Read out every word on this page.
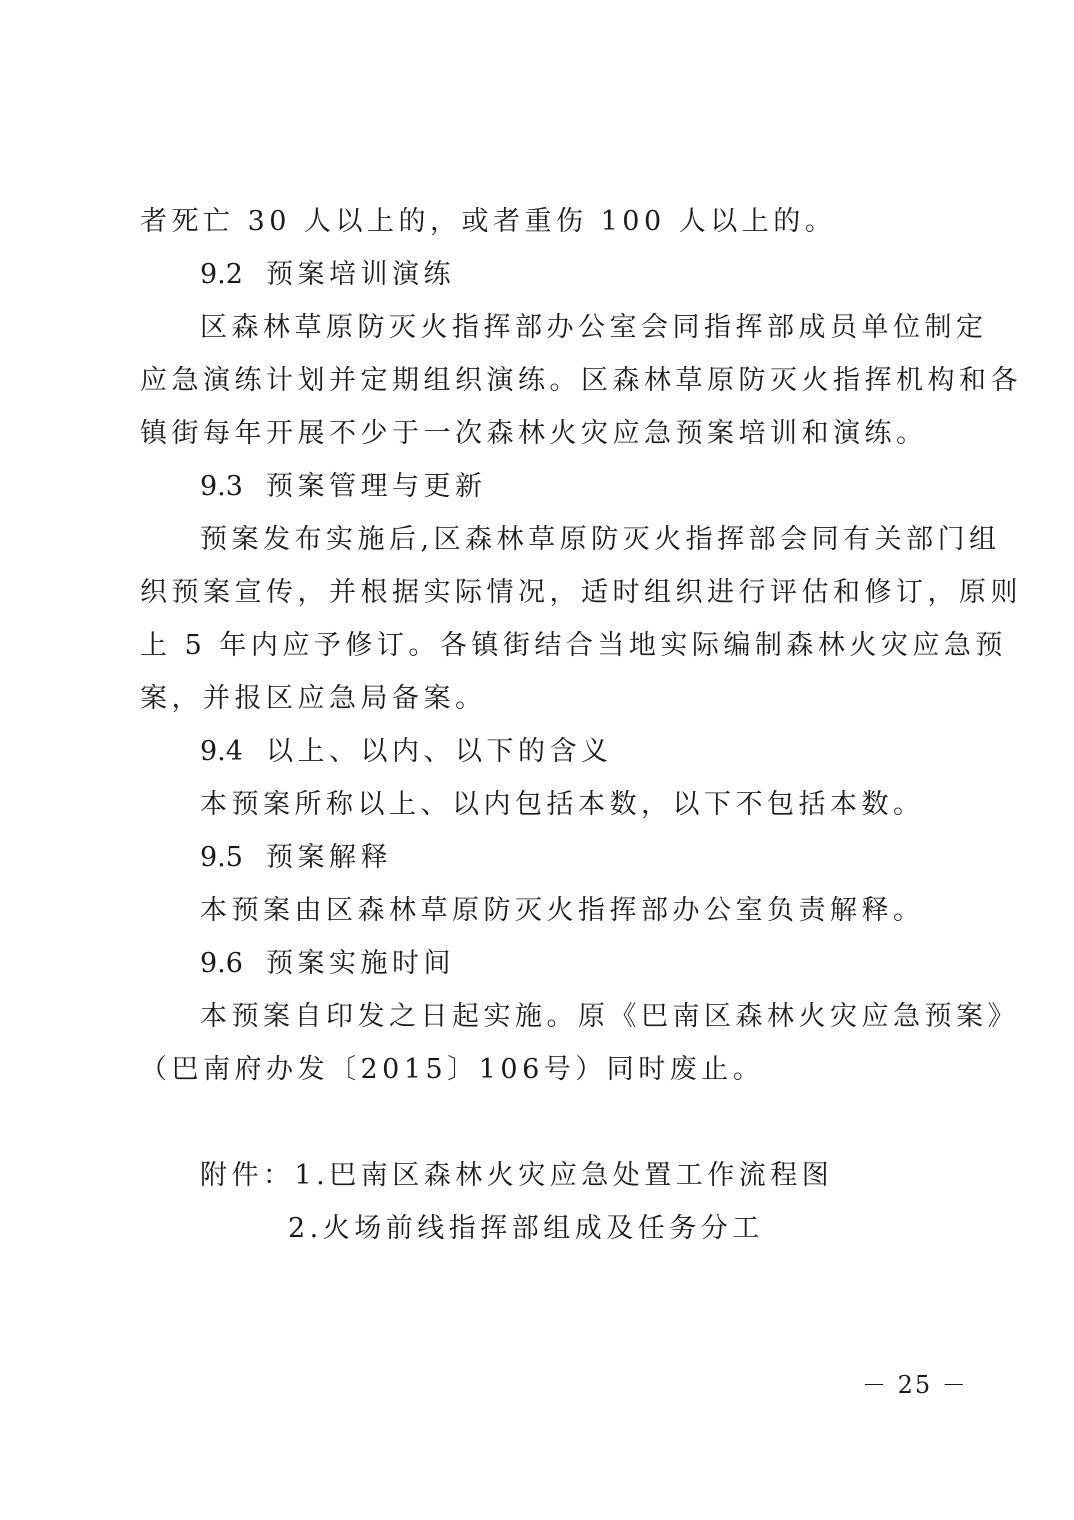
者死亡 30 人以上的，或者重伤 100 人以上的。
9.2 预案培训演练
区森林草原防灭火指挥部办公室会同指挥部成员单位制定
应急演练计划并定期组织演练。区森林草原防灭火指挥机构和各
镇街每年开展不少于一次森林火灾应急预案培训和演练。
9.3 预案管理与更新
预案发布实施后,区森林草原防灭火指挥部会同有关部门组
织预案宣传，并根据实际情况，适时组织进行评估和修订，原则
上 5 年内应予修订。各镇街结合当地实际编制森林火灾应急预
案，并报区应急局备案。
9.4 以上、以内、以下的含义
本预案所称以上、以内包括本数，以下不包括本数。
9.5 预案解释
本预案由区森林草原防灭火指挥部办公室负责解释。
9.6 预案实施时间
本预案自印发之日起实施。原《巴南区森林火灾应急预案》
（巴南府办发〔2015〕106号）同时废止。
附件：1.巴南区森林火灾应急处置工作流程图
2.火场前线指挥部组成及任务分工
－ 25 －
